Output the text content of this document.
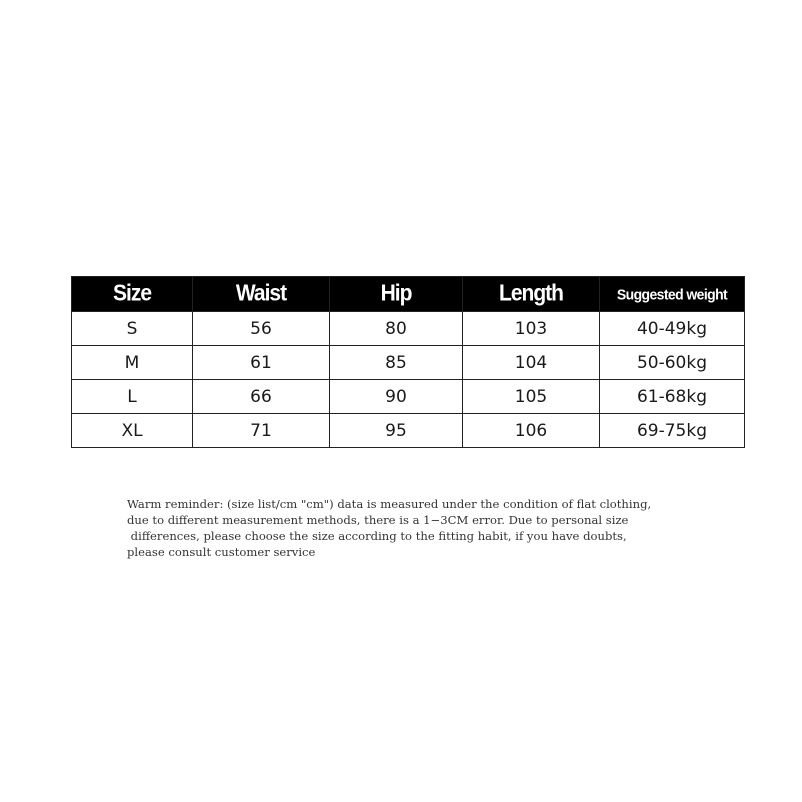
Size	Waist	Hip	Length	Suggested weight
S	56	80	103	40-49kg
M	61	85	104	50-60kg
L	66	90	105	61-68kg
XL	71	95	106	69-75kg
Warm reminder: (size list/cm "cm") data is measured under the condition of flat clothing,
due to different measurement methods, there is a 1−3CM error. Due to personal size
differences, please choose the size according to the fitting habit, if you have doubts,
please consult customer service
